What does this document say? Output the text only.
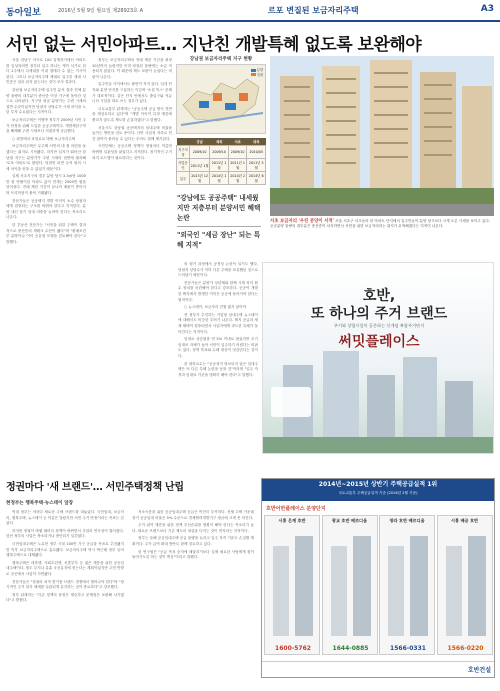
동아일보	2016년 5월 9일 월요일 제28923호 A	르포 변질된 보금자리주택	A3
서민 없는 서민아파트… 지난친 개발특혜 없도록 보완해야

서울 강남구 자곡로 100 입생하기에선 아파트를 입성하려면 장부터 입주 하나는 게이 서기로 한다 1주에서 다세대를 이내 형태다 수 없는 기사이 된다. 그러나 보금자리주택 제대로 입주한 세대 서민층은 얼마 되지 않는다는 것이 조사 결과다.

강남권 보금자리주택 입주민 분석 결과 전체 분양 물량의 대부분이 중산층 이상 가구에 돌아간 것으로 나타났다. 지구당 평균 분양가는 주변 시세의 절반 수준이었지만 당첨자 상당수가 시세 차익을 노린 투자 수요였다는 지적이다.

보금자리주택은 이명박 정부가 2009년 서민 주거 안정을 위해 도입한 공공주택이다. 개발제한구역을 해제해 주변 시세보다 저렴하게 공급했다.

○ 희망에서 과열로로 바뀐 보금자리주택

보금자리주택은 무주택 서민의 내 집 마련을 돕겠다는 취지로 시작됐다. 하지만 입지가 뛰어난 강남권 지구는 분양가가 주변 시세의 절반에 불과해 '로또 아파트'로 불렸다. 당첨만 되면 수억 원의 시세 차익을 얻을 수 있었기 때문이다.

실제 서초지구의 경우 분양 당시 3.3㎡당 1000만 원 안팎이던 아파트 값이 현재는 2500만 원을 넘어섰다. 전매 제한 기간이 끝나자 매물이 쏟아지며 프리미엄이 붙어 거래됐다.

전문가들은 공공택지 개발 이익이 소수 당첨자에게 집중되는 구조를 바꿔야 한다고 지적한다. 분양 대신 장기 임대 비중을 늘려야 한다는 목소리도 나온다.

한 부동산 전문가는 "서민을 위한 주택이 결과적으로 중산층의 재테크 수단이 됐다"며 "환매조건부 분양이나 이익 공유형 모델을 검토해야 한다"고 말했다.

정부는 보금자리주택의 전매 제한 기간을 최장 10년까지 늘렸지만 이미 당첨된 물량에는 소급 적용되지 않았다. 이 때문에 제도 보완이 늦었다는 비판이 나온다.

입주민들 사이에서도 불만이 적지 않다. 임대 단지와 분양 단지를 구분하는 이른바 '소셜 믹스' 문제가 대표적이다. 같은 단지 안에서도 출입구와 커뮤니티 시설을 따로 쓰는 경우가 있다.

국토교통부 관계자는 "공공주택 공급 방식 전반을 재검토하고 있다"며 "개발 이익이 특정 계층에 쏠리지 않도록 제도를 손질하겠다"고 밝혔다.

서울시도 강남권 공공택지의 임대주택 비율을 높이는 방안을 검토 중이다. 다만 사업성 저하로 민간 참여가 줄어들 수 있다는 우려도 함께 제기된다.

시민단체는 공공주택 정책이 정권마다 이름만 바뀌며 일관성을 잃었다고 지적한다. 장기적인 주거 복지 로드맵이 필요하다는 것이다.

강남권 보금자리주택 지구 현황
분양
임대
	강남	세곡	서초	내곡
지구지정	2009/10	2009/10	2009/10	2010/05
사업승인	2011년 1월	2011년 1월	2011년 1월	2011년 5월
입주	2013년 12월	2014년 1월	2014년 2월	2014년 6월
"강남에도 공공주택" 내세웠지만 저층부터 분양서민 혜택 논란
"외국인 "세금 장난" 되는 특혜 지적"
서초 보금자리 '우린 분양이 서적' 서울 서초구 서초동의 한 아파트 단지에서 입주민들이 분양 당시보다 크게 오른 시세를 보이고 있다. 공공분양 물량의 대부분은 중산층이 차지하면서 서민을 위한 보금자리라는 취지가 무색해졌다는 지적이 나온다.

의 평가 과정에서 공정성 논란이 일기도 했다. 당첨자 상당수가 이미 다른 주택을 보유했던 것으로 드러났기 때문이다.

전문가들은 분양가 상한제와 함께 시세 차익 환수 장치를 마련해야 한다고 강조한다. 공공이 개발한 택지에서 발생한 이익은 공공에 돌아가야 한다는 원칙이다.

○ 뉴스테이, 보금자리 전철 밟지 않아야

현 정부가 추진하는 기업형 임대주택 뉴스테이에 대해서도 비슷한 우려가 나온다. 택지 공급과 세제 혜택이 집중되면서 사업자에게 과도한 특혜가 돌아간다는 지적이다.

임대료 상승률을 연 5% 이내로 묶었지만 초기 임대료 자체가 높아 서민이 입주하기 어렵다는 비판도 있다. 정책 목표와 수혜 대상이 엇갈린다는 것이다.

한 대학교수는 "공공성이 담보되지 않은 임대주택은 또 다른 특혜 논란을 낳을 것"이라며 "입주 자격과 임대료 기준을 명확히 해야 한다"고 말했다.

호반,
또 하나의 주거 브랜드
주거와 상업시설이 공존하는 신개념 복합주거단지
써밋플레이스
정권마다 '새 브랜드'… 서민주택정책 난립
현정부는 행복주택·뉴스테이 앞장

역대 정부는 저마다 새로운 주택 브랜드를 내놓았다. 국민임대, 보금자리, 행복주택, 뉴스테이 등 이름은 달랐지만 서민 주거 안정이라는 목표는 같았다.

하지만 정권이 바뀔 때마다 정책이 바뀌면서 사업의 연속성이 떨어졌다. 앞선 정부의 사업은 축소되거나 중단되기 일쑤였다.

국민임대주택은 노무현 정부 시절 100만 가구 공급을 목표로 추진됐지만 이후 보금자리주택으로 흡수됐다. 보금자리주택 역시 박근혜 정부 들어 행복주택으로 대체됐다.

행복주택은 대학생, 사회초년생, 신혼부부 등 젊은 계층을 위한 공공임대주택이다. 철도 부지나 유휴 국공유지에 짓는다는 계획이었지만 주민 반발로 곳곳에서 사업이 지연됐다.

전문가들은 "정권의 치적 쌓기용 브랜드 경쟁에서 벗어나야 한다"며 "장기적인 주거 복지 체계를 일관되게 유지하는 것이 중요하다"고 강조했다.

정부 관계자는 "기존 정책의 장점은 계승하고 문제점은 보완해 나가겠다"고 밝혔다.

저소득층을 위한 공공임대주택 공급은 여전히 부족하다. 전체 주택 가운데 장기 공공임대 비율은 5% 수준으로 경제협력개발기구 평균에 크게 못 미친다.

주거 취약 계층을 위한 정책 우선순위를 명확히 해야 한다는 목소리가 높다. 새로운 브랜드보다 기존 제도의 내실을 다지는 것이 먼저라는 지적이다.

정부는 올해 공공임대주택 공급 물량을 늘리고 입주 자격 기준도 손질할 계획이다. 주거 급여 확대 방안도 함께 검토하고 있다.

한 연구원은 "공급 목표 숫자에 매달리기보다 실제 필요한 사람에게 집이 돌아가도록 하는 것이 핵심"이라고 말했다.

2014년~2015년 상반기 주택공급실적 1위
국토교통부 주택공급실적 기준 (2016년 2월 기준)
호반어반플레이스 분양단지
시흥 은계 호반
1600-5762
광교 호반 베르디움
1644-0885
청라 호반 베르디움
1566-0331
시흥 배곧 호반
1566-0220
호반건설
